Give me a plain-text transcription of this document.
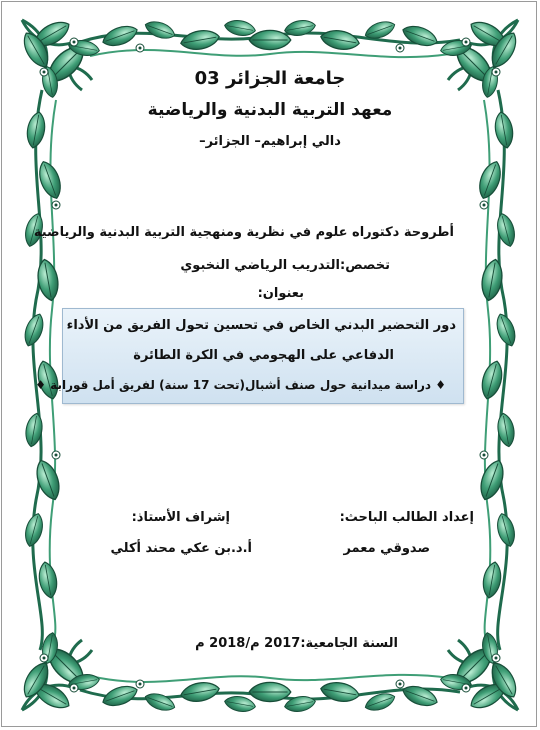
جامعة الجزائر 03
معهد التربية البدنية والرياضية
دالي إبراهيم– الجزائر–
أطروحة دكتوراه علوم في نظرية ومنهجية التربية البدنية والرياضية
تخصص:التدريب الرياضي النخبوي
بعنوان:
دور التحضير البدني الخاص في تحسين تحول الفريق من الأداء
الدفاعي على الهجومي في الكرة الطائرة
♦ دراسة ميدانية حول صنف أشبال(تحت 17 سنة) لفريق أمل قورابة ♦
إعداد الطالب الباحث:
إشراف الأستاذ:
صدوقي معمر
أ.د.بن عكي محند أكلي
السنة الجامعية:2017 م/2018 م
